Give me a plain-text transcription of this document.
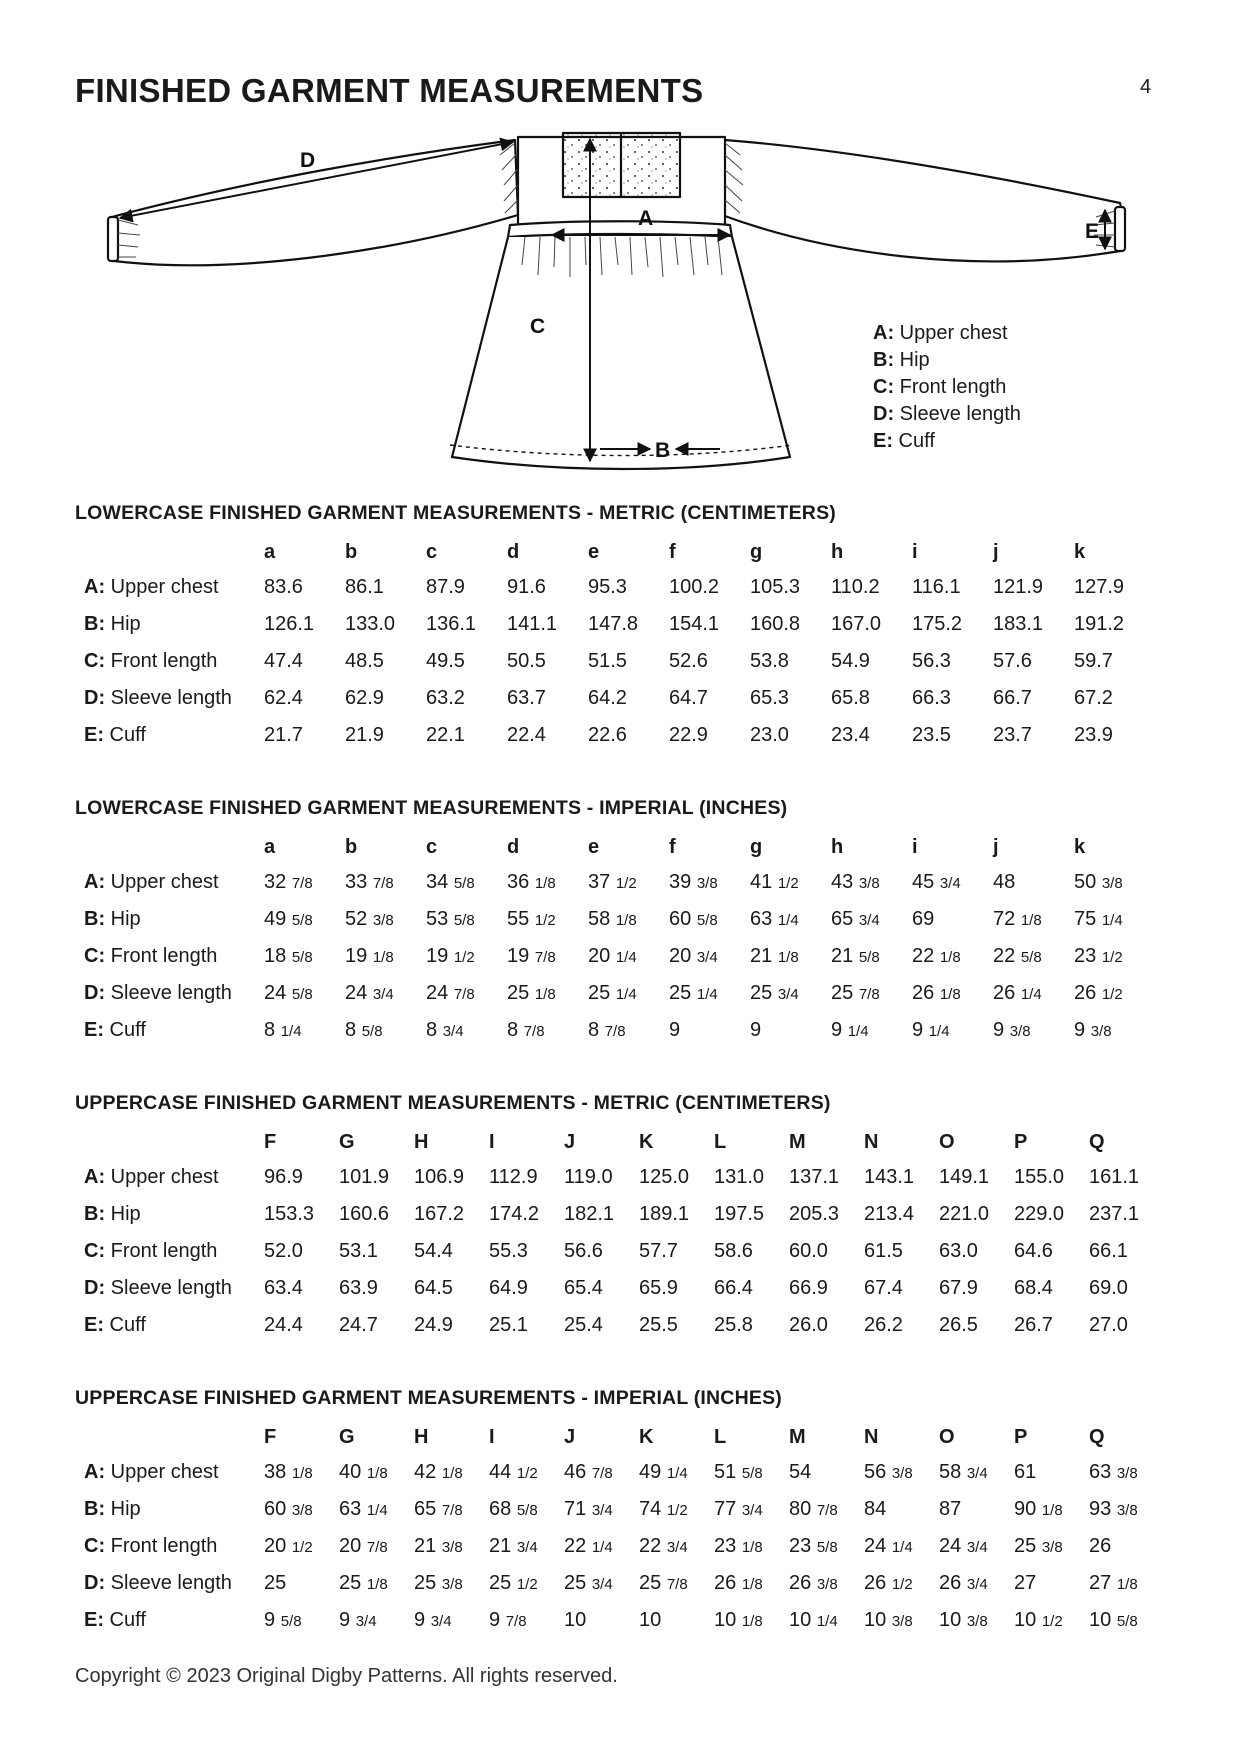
FINISHED GARMENT MEASUREMENTS	4
D
A
C
B
E
A: Upper chest
B: Hip
C: Front length
D: Sleeve length
E: Cuff
LOWERCASE FINISHED GARMENT MEASUREMENTS - METRIC (CENTIMETERS)
	a	b	c	d	e	f	g	h	i	j	k
A: Upper chest	83.6	86.1	87.9	91.6	95.3	100.2	105.3	110.2	116.1	121.9	127.9
B: Hip	126.1	133.0	136.1	141.1	147.8	154.1	160.8	167.0	175.2	183.1	191.2
C: Front length	47.4	48.5	49.5	50.5	51.5	52.6	53.8	54.9	56.3	57.6	59.7
D: Sleeve length	62.4	62.9	63.2	63.7	64.2	64.7	65.3	65.8	66.3	66.7	67.2
E: Cuff	21.7	21.9	22.1	22.4	22.6	22.9	23.0	23.4	23.5	23.7	23.9
LOWERCASE FINISHED GARMENT MEASUREMENTS - IMPERIAL (INCHES)
	a	b	c	d	e	f	g	h	i	j	k
A: Upper chest	32 7/8	33 7/8	34 5/8	36 1/8	37 1/2	39 3/8	41 1/2	43 3/8	45 3/4	48	50 3/8
B: Hip	49 5/8	52 3/8	53 5/8	55 1/2	58 1/8	60 5/8	63 1/4	65 3/4	69	72 1/8	75 1/4
C: Front length	18 5/8	19 1/8	19 1/2	19 7/8	20 1/4	20 3/4	21 1/8	21 5/8	22 1/8	22 5/8	23 1/2
D: Sleeve length	24 5/8	24 3/4	24 7/8	25 1/8	25 1/4	25 1/4	25 3/4	25 7/8	26 1/8	26 1/4	26 1/2
E: Cuff	8 1/4	8 5/8	8 3/4	8 7/8	8 7/8	9	9	9 1/4	9 1/4	9 3/8	9 3/8
UPPERCASE FINISHED GARMENT MEASUREMENTS - METRIC (CENTIMETERS)
	F	G	H	I	J	K	L	M	N	O	P	Q
A: Upper chest	96.9	101.9	106.9	112.9	119.0	125.0	131.0	137.1	143.1	149.1	155.0	161.1
B: Hip	153.3	160.6	167.2	174.2	182.1	189.1	197.5	205.3	213.4	221.0	229.0	237.1
C: Front length	52.0	53.1	54.4	55.3	56.6	57.7	58.6	60.0	61.5	63.0	64.6	66.1
D: Sleeve length	63.4	63.9	64.5	64.9	65.4	65.9	66.4	66.9	67.4	67.9	68.4	69.0
E: Cuff	24.4	24.7	24.9	25.1	25.4	25.5	25.8	26.0	26.2	26.5	26.7	27.0
UPPERCASE FINISHED GARMENT MEASUREMENTS - IMPERIAL (INCHES)
	F	G	H	I	J	K	L	M	N	O	P	Q
A: Upper chest	38 1/8	40 1/8	42 1/8	44 1/2	46 7/8	49 1/4	51 5/8	54	56 3/8	58 3/4	61	63 3/8
B: Hip	60 3/8	63 1/4	65 7/8	68 5/8	71 3/4	74 1/2	77 3/4	80 7/8	84	87	90 1/8	93 3/8
C: Front length	20 1/2	20 7/8	21 3/8	21 3/4	22 1/4	22 3/4	23 1/8	23 5/8	24 1/4	24 3/4	25 3/8	26
D: Sleeve length	25	25 1/8	25 3/8	25 1/2	25 3/4	25 7/8	26 1/8	26 3/8	26 1/2	26 3/4	27	27 1/8
E: Cuff	9 5/8	9 3/4	9 3/4	9 7/8	10	10	10 1/8	10 1/4	10 3/8	10 3/8	10 1/2	10 5/8
Copyright © 2023 Original Digby Patterns. All rights reserved.
